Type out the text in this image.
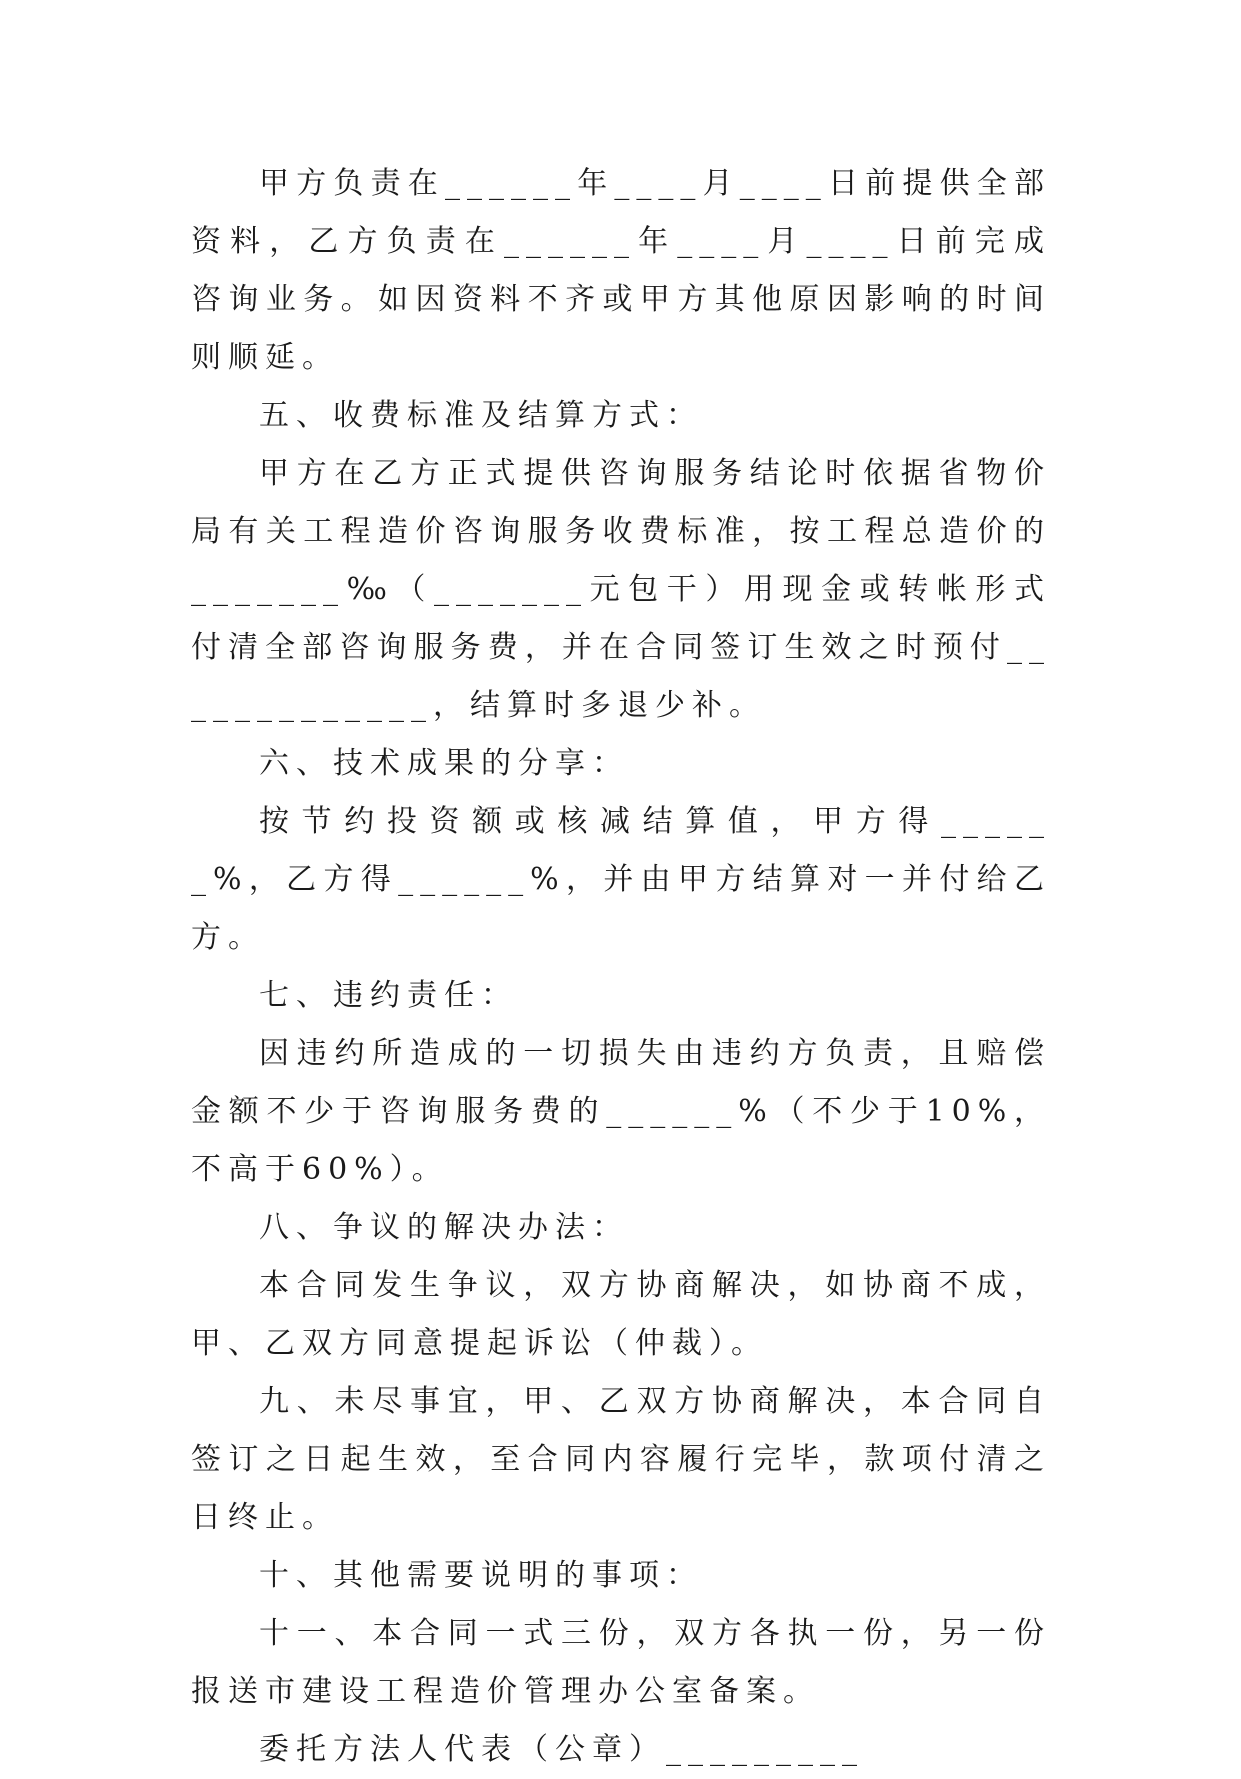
甲方负责在______年____月____日前提供全部资料，乙方负责在______年____月____日前完成咨询业务。如因资料不齐或甲方其他原因影响的时间则顺延。

五、收费标准及结算方式：

甲方在乙方正式提供咨询服务结论时依据省物价局有关工程造价咨询服务收费标准，按工程总造价的_______‰（_______元包干）用现金或转帐形式付清全部咨询服务费，并在合同签订生效之时预付_____________，结算时多退少补。

六、技术成果的分享：

按节约投资额或核减结算值，甲方得______%，乙方得______%，并由甲方结算对一并付给乙方。

七、违约责任：

因违约所造成的一切损失由违约方负责，且赔偿金额不少于咨询服务费的______%（不少于10%，不高于60%）。

八、争议的解决办法：

本合同发生争议，双方协商解决，如协商不成，甲、乙双方同意提起诉讼（仲裁）。

九、未尽事宜，甲、乙双方协商解决，本合同自签订之日起生效，至合同内容履行完毕，款项付清之日终止。

十、其他需要说明的事项：

十一、本合同一式三份，双方各执一份，另一份报送市建设工程造价管理办公室备案。

委托方法人代表（公章）_________
